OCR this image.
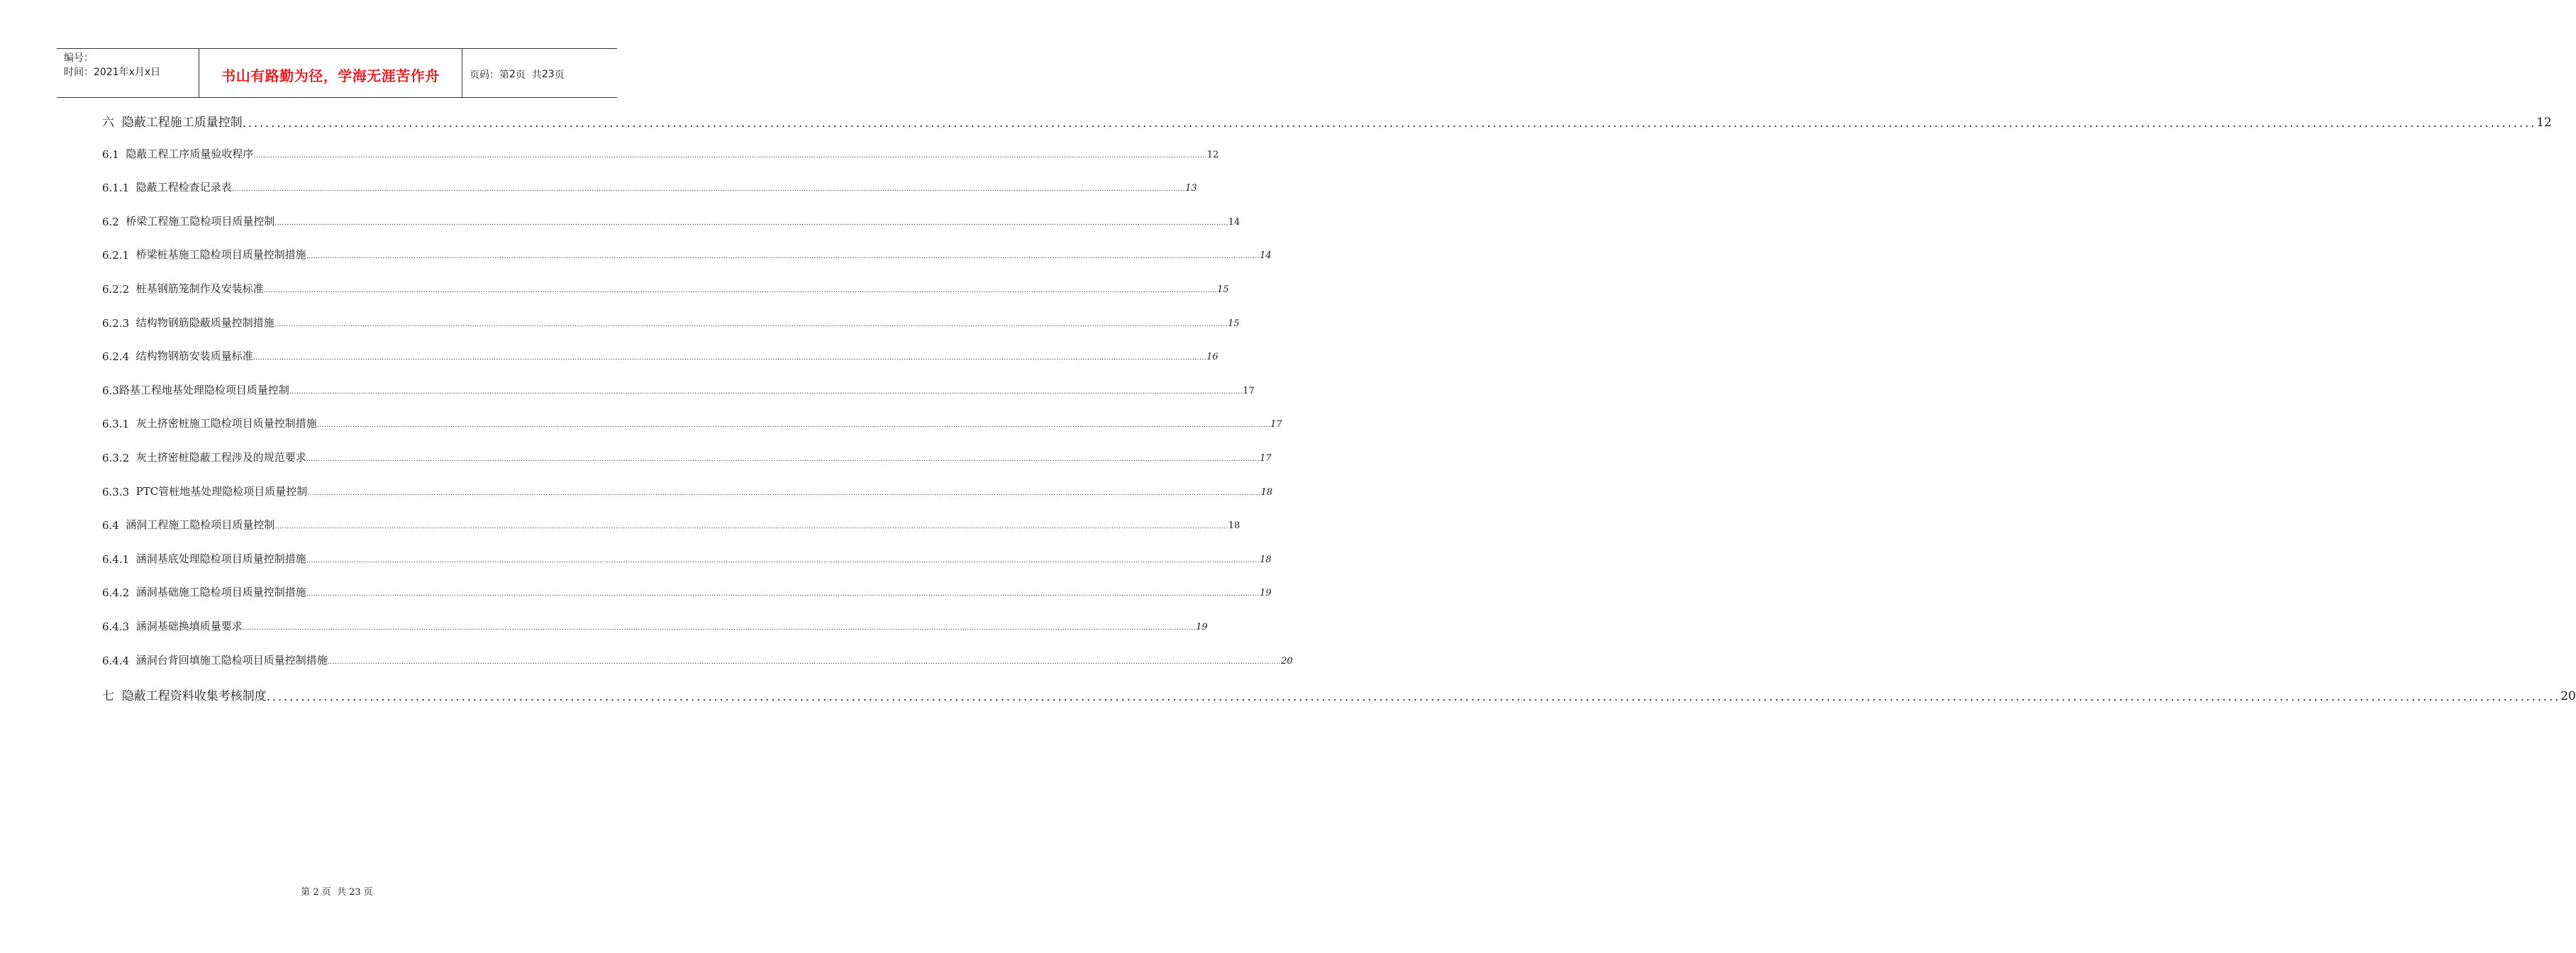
编号：
时间：2021年x月x日	书山有路勤为径，学海无涯苦作舟	页码：第 2 页  共 23 页
六 隐蔽工程施工质量控制 ................................................................................................................................................................................................................................................................................................................................................................................................................ 12
6.1 隐蔽工程工序质量验收程序 ................................................................................................................................................................................................................................................................................................................................................................................................................ 12
6.1.1 隐蔽工程检查记录表 ................................................................................................................................................................................................................................................................................................................................................................................................................ 13
6.2 桥梁工程施工隐检项目质量控制 ................................................................................................................................................................................................................................................................................................................................................................................................................ 14
6.2.1 桥梁桩基施工隐检项目质量控制措施 ................................................................................................................................................................................................................................................................................................................................................................................................................ 14
6.2.2 桩基钢筋笼制作及安装标准 ................................................................................................................................................................................................................................................................................................................................................................................................................ 15
6.2.3 结构物钢筋隐蔽质量控制措施 ................................................................................................................................................................................................................................................................................................................................................................................................................ 15
6.2.4 结构物钢筋安装质量标准 ................................................................................................................................................................................................................................................................................................................................................................................................................ 16
6.3 路基工程地基处理隐检项目质量控制 ................................................................................................................................................................................................................................................................................................................................................................................................................ 17
6.3.1 灰土挤密桩施工隐检项目质量控制措施 ................................................................................................................................................................................................................................................................................................................................................................................................................ 17
6.3.2 灰土挤密桩隐蔽工程涉及的规范要求 ................................................................................................................................................................................................................................................................................................................................................................................................................ 17
6.3.3 PTC管桩地基处理隐检项目质量控制 ................................................................................................................................................................................................................................................................................................................................................................................................................ 18
6.4 涵洞工程施工隐检项目质量控制 ................................................................................................................................................................................................................................................................................................................................................................................................................ 18
6.4.1 涵洞基底处理隐检项目质量控制措施 ................................................................................................................................................................................................................................................................................................................................................................................................................ 18
6.4.2 涵洞基础施工隐检项目质量控制措施 ................................................................................................................................................................................................................................................................................................................................................................................................................ 19
6.4.3 涵洞基础换填质量要求 ................................................................................................................................................................................................................................................................................................................................................................................................................ 19
6.4.4 涵洞台背回填施工隐检项目质量控制措施 ................................................................................................................................................................................................................................................................................................................................................................................................................ 20
七 隐蔽工程资料收集考核制度 ................................................................................................................................................................................................................................................................................................................................................................................................................ 20
第 2 页  共 23 页
